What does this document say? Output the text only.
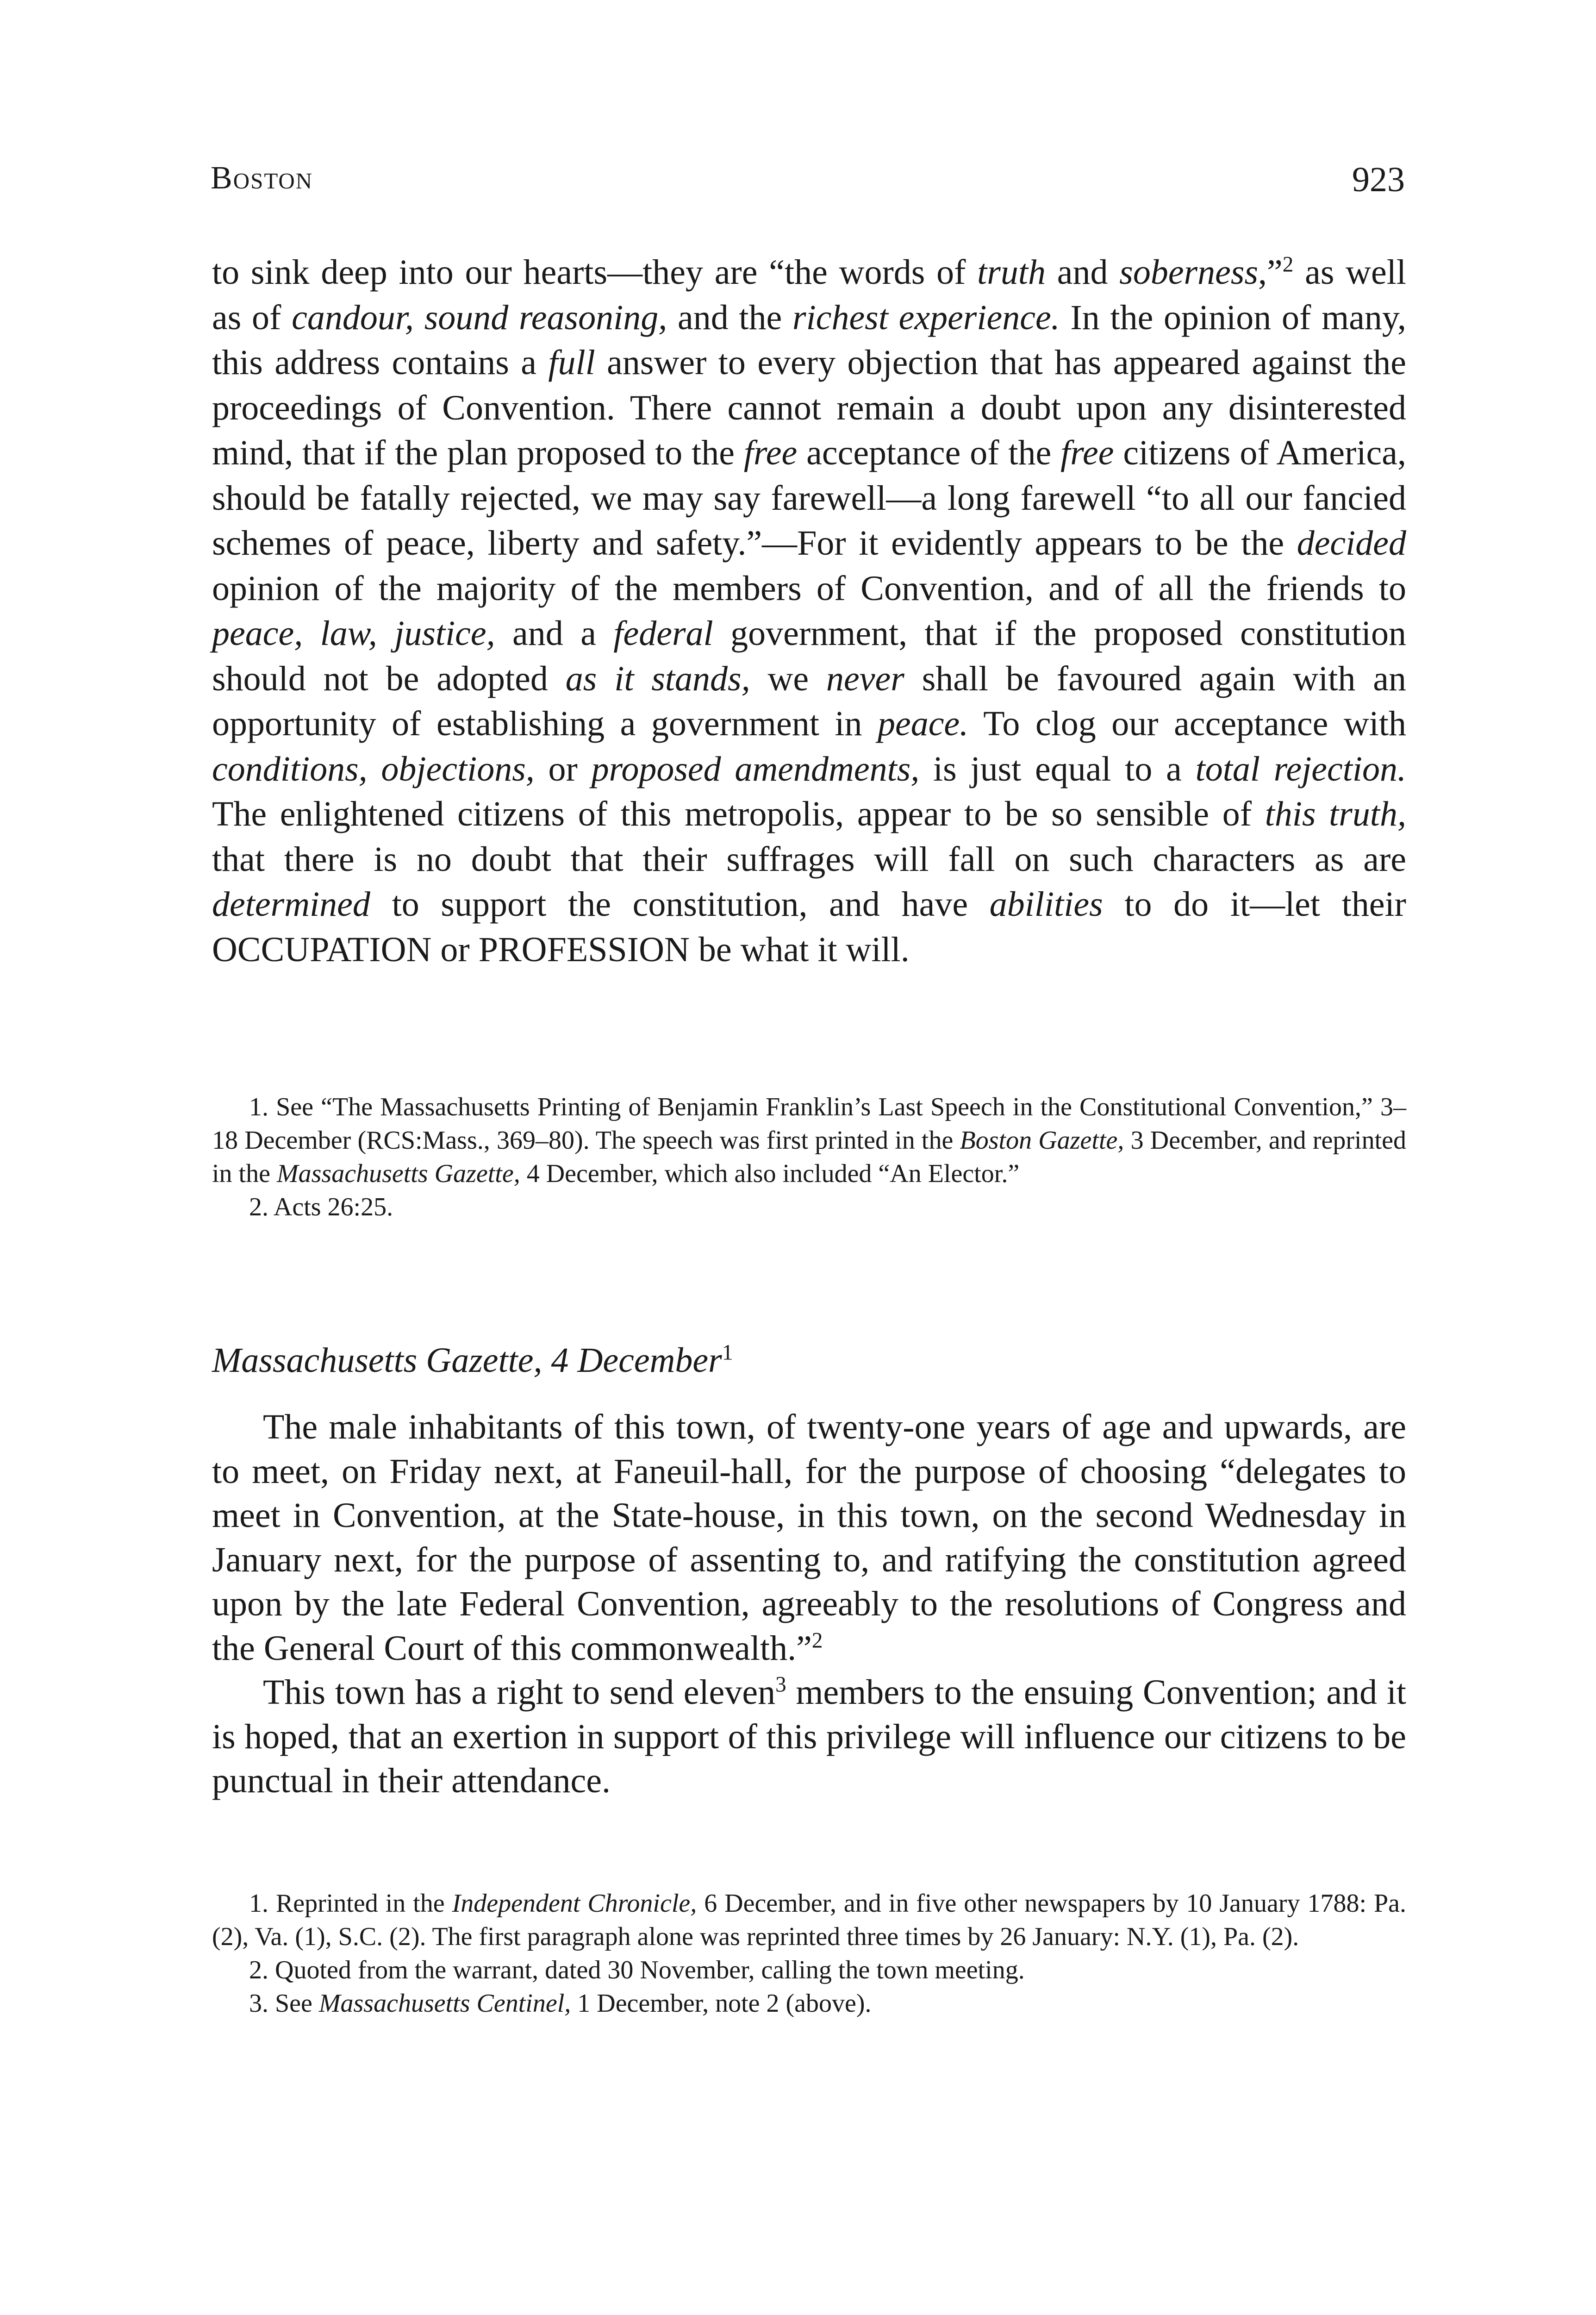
Boston	923

to sink deep into our hearts—they are “the words of truth and soberness,”$^2$ as well as of candour, sound reasoning, and the richest experience. In the opinion of many, this address contains a full answer to every objection that has appeared against the proceedings of Convention. There cannot remain a doubt upon any disinterested mind, that if the plan proposed to the free acceptance of the free citizens of America, should be fatally rejected, we may say farewell—a long farewell “to all our fancied schemes of peace, liberty and safety.”—For it evidently appears to be the decided opinion of the majority of the members of Convention, and of all the friends to peace, law, justice, and a federal government, that if the proposed constitution should not be adopted as it stands, we never shall be favoured again with an opportunity of establishing a government in peace. To clog our acceptance with conditions, objections, or proposed amendments, is just equal to a total rejection. The enlightened citizens of this metropolis, appear to be so sensible of this truth, that there is no doubt that their suffrages will fall on such characters as are determined to support the constitution, and have abilities to do it—let their OCCUPATION or PROFESSION be what it will.

1. See “The Massachusetts Printing of Benjamin Franklin’s Last Speech in the Constitutional Convention,” 3–18 December (RCS:Mass., 369–80). The speech was first printed in the Boston Gazette, 3 December, and reprinted in the Massachusetts Gazette, 4 December, which also included “An Elector.”

2. Acts 26:25.

Massachusetts Gazette, 4 December$^1$

The male inhabitants of this town, of twenty-one years of age and upwards, are to meet, on Friday next, at Faneuil-hall, for the purpose of choosing “delegates to meet in Convention, at the State-house, in this town, on the second Wednesday in January next, for the purpose of assenting to, and ratifying the constitution agreed upon by the late Federal Convention, agreeably to the resolutions of Congress and the General Court of this commonwealth.”$^2$

This town has a right to send eleven$^3$ members to the ensuing Convention; and it is hoped, that an exertion in support of this privilege will influence our citizens to be punctual in their attendance.

1. Reprinted in the Independent Chronicle, 6 December, and in five other newspapers by 10 January 1788: Pa. (2), Va. (1), S.C. (2). The first paragraph alone was reprinted three times by 26 January: N.Y. (1), Pa. (2).

2. Quoted from the warrant, dated 30 November, calling the town meeting.

3. See Massachusetts Centinel, 1 December, note 2 (above).
